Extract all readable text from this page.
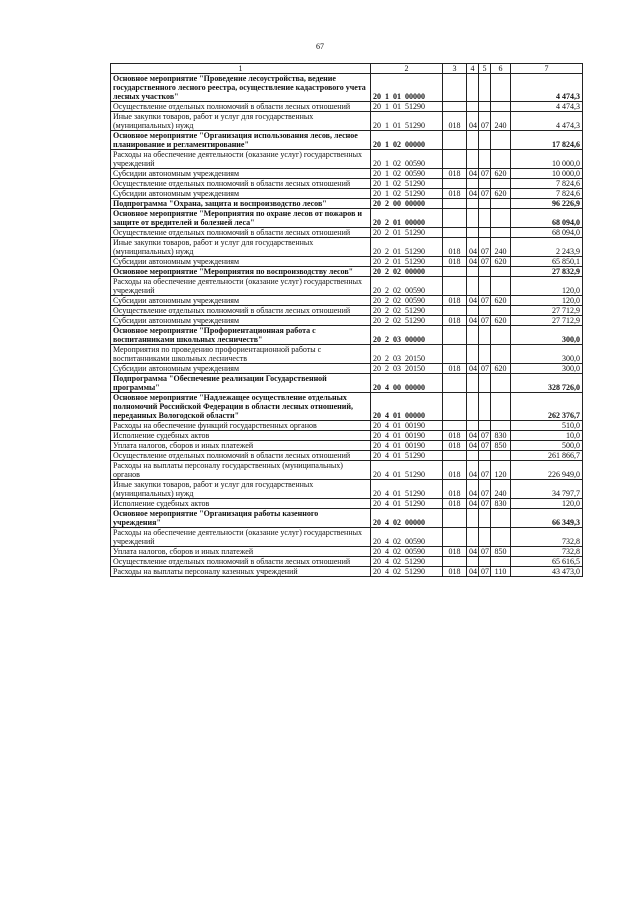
67
1	2	3	4	5	6	7
Основное мероприятие "Проведение лесоустройства, ведение государственного лесного реестра, осуществление кадастрового учета лесных участков"	20  1  01  00000					4 474,3
Осуществление отдельных полномочий в области лесных отношений	20  1  01  51290					4 474,3
Иные закупки товаров, работ и услуг для государственных (муниципальных) нужд	20  1  01  51290	018	04	07	240	4 474,3
Основное мероприятие "Организация использования лесов, лесное планирование и регламентирование"	20  1  02  00000					17 824,6
Расходы на обеспечение деятельности (оказание услуг) государственных учреждений	20  1  02  00590					10 000,0
Субсидии автономным учреждениям	20  1  02  00590	018	04	07	620	10 000,0
Осуществление отдельных полномочий в области лесных отношений	20  1  02  51290					7 824,6
Субсидии автономным учреждениям	20  1  02  51290	018	04	07	620	7 824,6
Подпрограмма "Охрана, защита и воспроизводство лесов"	20  2  00  00000					96 226,9
Основное мероприятие "Мероприятия по охране лесов от пожаров и защите от вредителей и болезней леса"	20  2  01  00000					68 094,0
Осуществление отдельных полномочий в области лесных отношений	20  2  01  51290					68 094,0
Иные закупки товаров, работ и услуг для государственных (муниципальных) нужд	20  2  01  51290	018	04	07	240	2 243,9
Субсидии автономным учреждениям	20  2  01  51290	018	04	07	620	65 850,1
Основное мероприятие "Мероприятия по воспроизводству лесов"	20  2  02  00000					27 832,9
Расходы на обеспечение деятельности (оказание услуг) государственных учреждений	20  2  02  00590					120,0
Субсидии автономным учреждениям	20  2  02  00590	018	04	07	620	120,0
Осуществление отдельных полномочий в области лесных отношений	20  2  02  51290					27 712,9
Субсидии автономным учреждениям	20  2  02  51290	018	04	07	620	27 712,9
Основное мероприятие "Профориентационная работа с воспитанниками школьных лесничеств"	20  2  03  00000					300,0
Мероприятия по проведению профориентационной работы с воспитанниками школьных лесничеств	20  2  03  20150					300,0
Субсидии автономным учреждениям	20  2  03  20150	018	04	07	620	300,0
Подпрограмма "Обеспечение реализации Государственной программы"	20  4  00  00000					328 726,0
Основное мероприятие "Надлежащее осуществление отдельных полномочий Российской Федерации в области лесных отношений, переданных Вологодской области"	20  4  01  00000					262 376,7
Расходы на обеспечение функций государственных органов	20  4  01  00190					510,0
Исполнение судебных актов	20  4  01  00190	018	04	07	830	10,0
Уплата налогов, сборов и иных платежей	20  4  01  00190	018	04	07	850	500,0
Осуществление отдельных полномочий в области лесных отношений	20  4  01  51290					261 866,7
Расходы на выплаты персоналу государственных (муниципальных) органов	20  4  01  51290	018	04	07	120	226 949,0
Иные закупки товаров, работ и услуг для государственных (муниципальных) нужд	20  4  01  51290	018	04	07	240	34 797,7
Исполнение судебных актов	20  4  01  51290	018	04	07	830	120,0
Основное мероприятие "Организация работы казенного учреждения"	20  4  02  00000					66 349,3
Расходы на обеспечение деятельности (оказание услуг) государственных учреждений	20  4  02  00590					732,8
Уплата налогов, сборов и иных платежей	20  4  02  00590	018	04	07	850	732,8
Осуществление отдельных полномочий в области лесных отношений	20  4  02  51290					65 616,5
Расходы на выплаты персоналу казенных учреждений	20  4  02  51290	018	04	07	110	43 473,0
